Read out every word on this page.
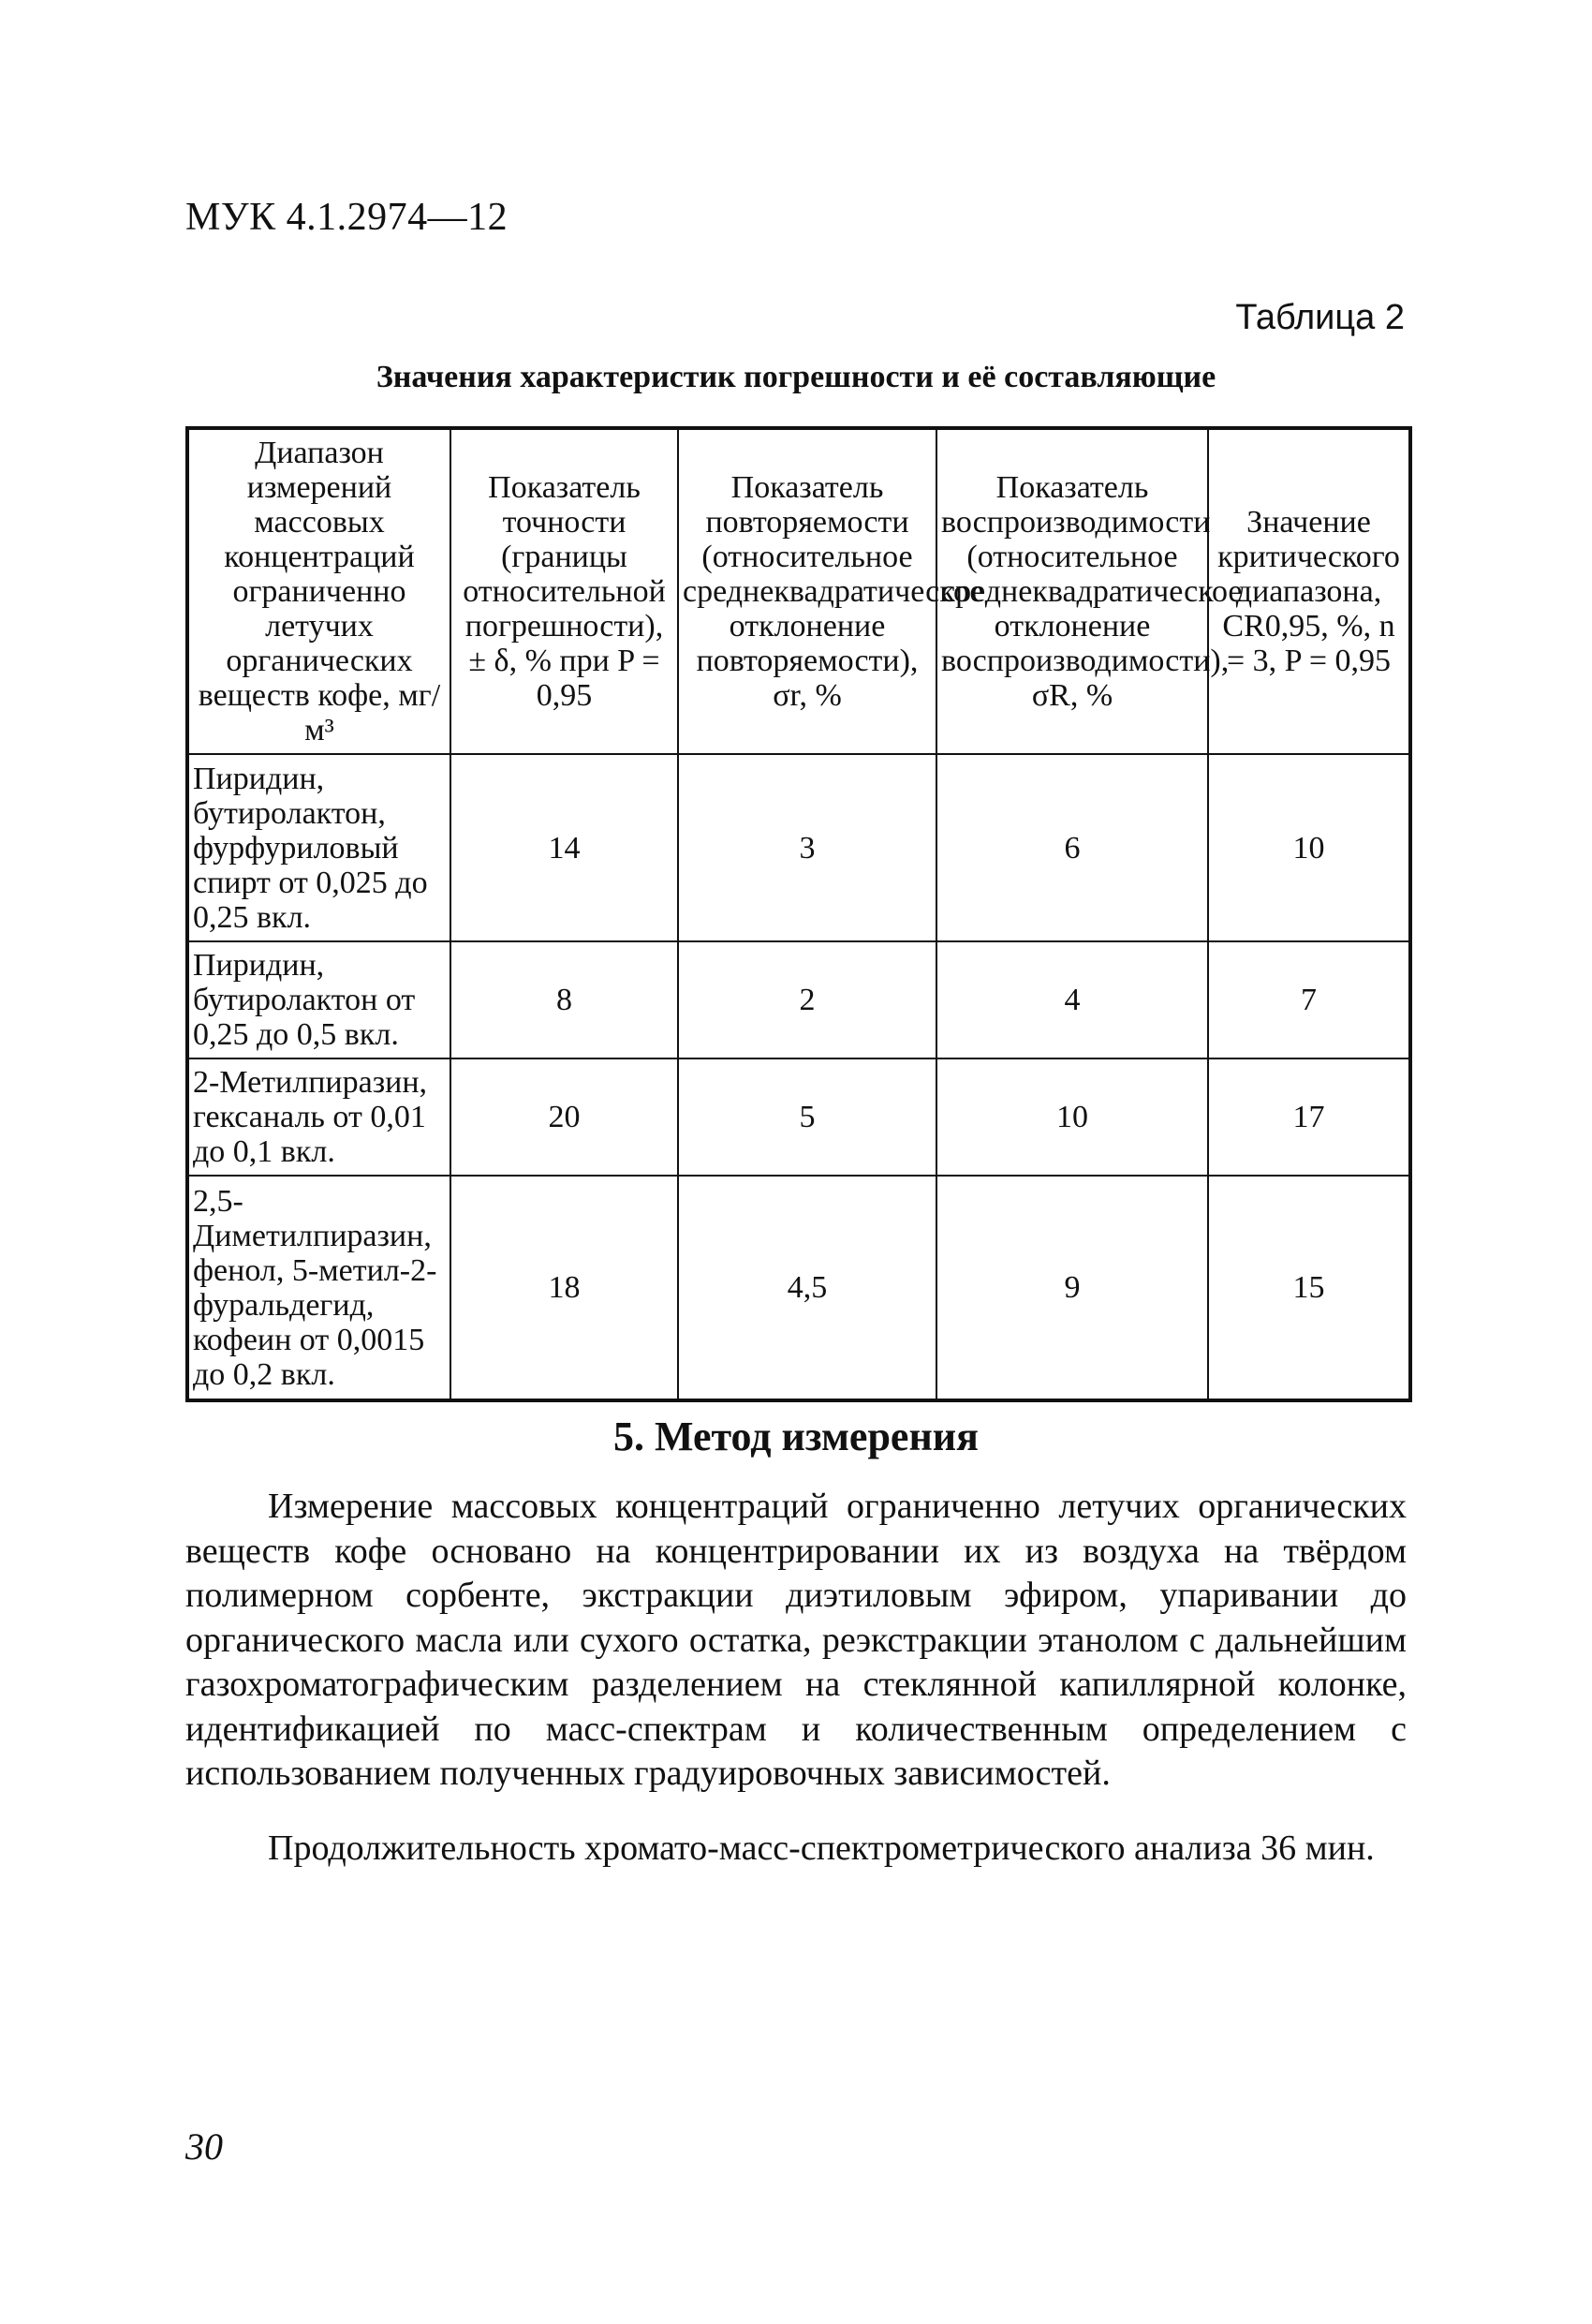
МУК 4.1.2974—12
Таблица 2
Значения характеристик погрешности и её составляющие
Диапазон измерений массовых концентраций ограниченно летучих органических веществ кофе, мг/м³	Показатель точности (границы относительной погрешности), ± δ, % при P = 0,95	Показатель повторяемости (относительное среднеквадратическое отклонение повторяемости), σr, %	Показатель воспроизводимости (относительное среднеквадратическое отклонение воспроизводимости), σR, %	Значение критического диапазона, CR0,95, %, n = 3, P = 0,95
Пиридин, бутиролактон, фурфуриловый спирт от 0,025 до 0,25 вкл.	14	3	6	10
Пиридин, бутиролактон от 0,25 до 0,5 вкл.	8	2	4	7
2-Метилпиразин, гексаналь от 0,01 до 0,1 вкл.	20	5	10	17
2,5-Диметилпиразин, фенол, 5-метил-2-фуральдегид, кофеин от 0,0015 до 0,2 вкл.	18	4,5	9	15
5. Метод измерения

Измерение массовых концентраций ограниченно летучих органических веществ кофе основано на концентрировании их из воздуха на твёрдом полимерном сорбенте, экстракции диэтиловым эфиром, упаривании до органического масла или сухого остатка, реэкстракции этанолом с дальнейшим газохроматографическим разделением на стеклянной капиллярной колонке, идентификацией по масс-спектрам и количественным определением с использованием полученных градуировочных зависимостей.

Продолжительность хромато-масс-спектрометрического анализа 36 мин.

30
